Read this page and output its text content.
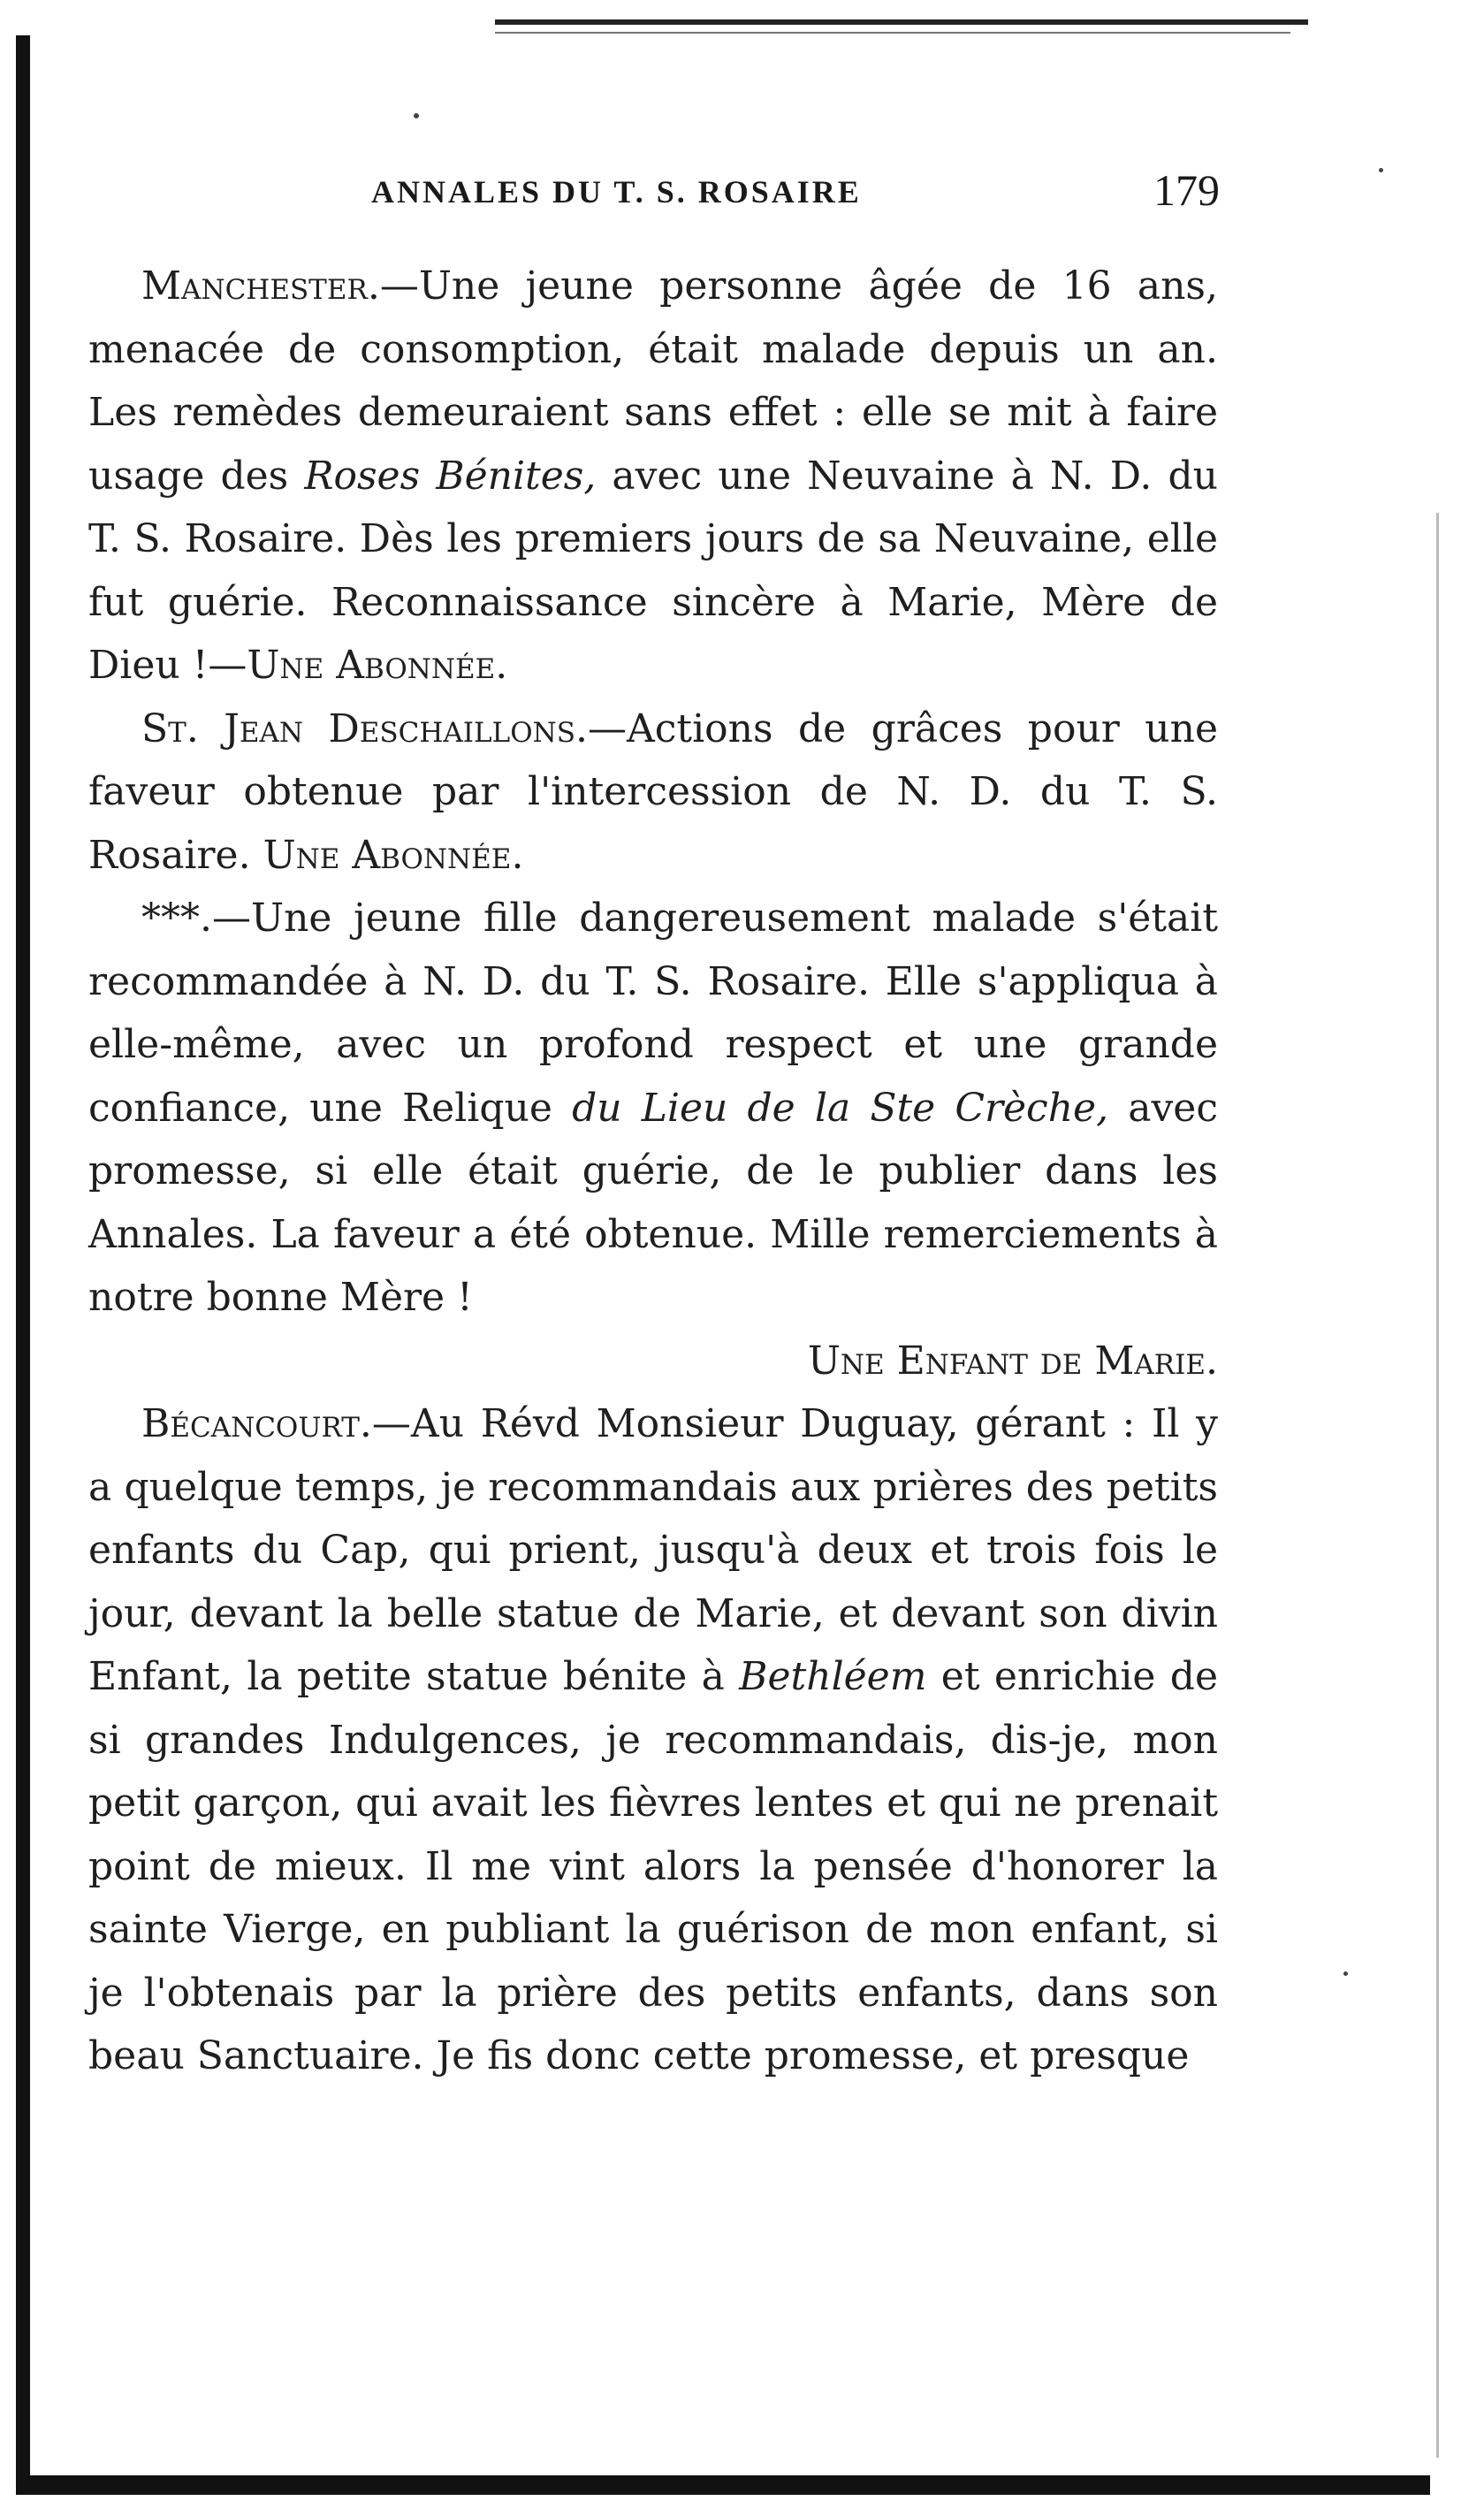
ANNALES DU T. S. ROSAIRE	179

Manchester.—Une jeune personne âgée de 16 ans, menacée de consomption, était malade depuis un an. Les remèdes demeuraient sans effet : elle se mit à faire usage des Roses Bénites, avec une Neuvaine à N. D. du T. S. Rosaire. Dès les premiers jours de sa Neuvaine, elle fut guérie. Reconnaissance sincère à Marie, Mère de Dieu !—Une Abonnée.

St. Jean Deschaillons.—Actions de grâces pour une faveur obtenue par l'intercession de N. D. du T. S. Rosaire. Une Abonnée.

***.—Une jeune fille dangereusement malade s'était recommandée à N. D. du T. S. Rosaire. Elle s'appliqua à elle-même, avec un profond respect et une grande confiance, une Relique du Lieu de la Ste Crèche, avec promesse, si elle était guérie, de le publier dans les Annales. La faveur a été obtenue. Mille remerciements à notre bonne Mère !

Une Enfant de Marie.

Bécancourt.—Au Révd Monsieur Duguay, gérant : Il y a quelque temps, je recommandais aux prières des petits enfants du Cap, qui prient, jusqu'à deux et trois fois le jour, devant la belle statue de Marie, et devant son divin Enfant, la petite statue bénite à Bethléem et enrichie de si grandes Indulgences, je recommandais, dis-je, mon petit garçon, qui avait les fièvres lentes et qui ne prenait point de mieux. Il me vint alors la pensée d'honorer la sainte Vierge, en publiant la guérison de mon enfant, si je l'obtenais par la prière des petits enfants, dans son beau Sanctuaire. Je fis donc cette promesse, et presque
